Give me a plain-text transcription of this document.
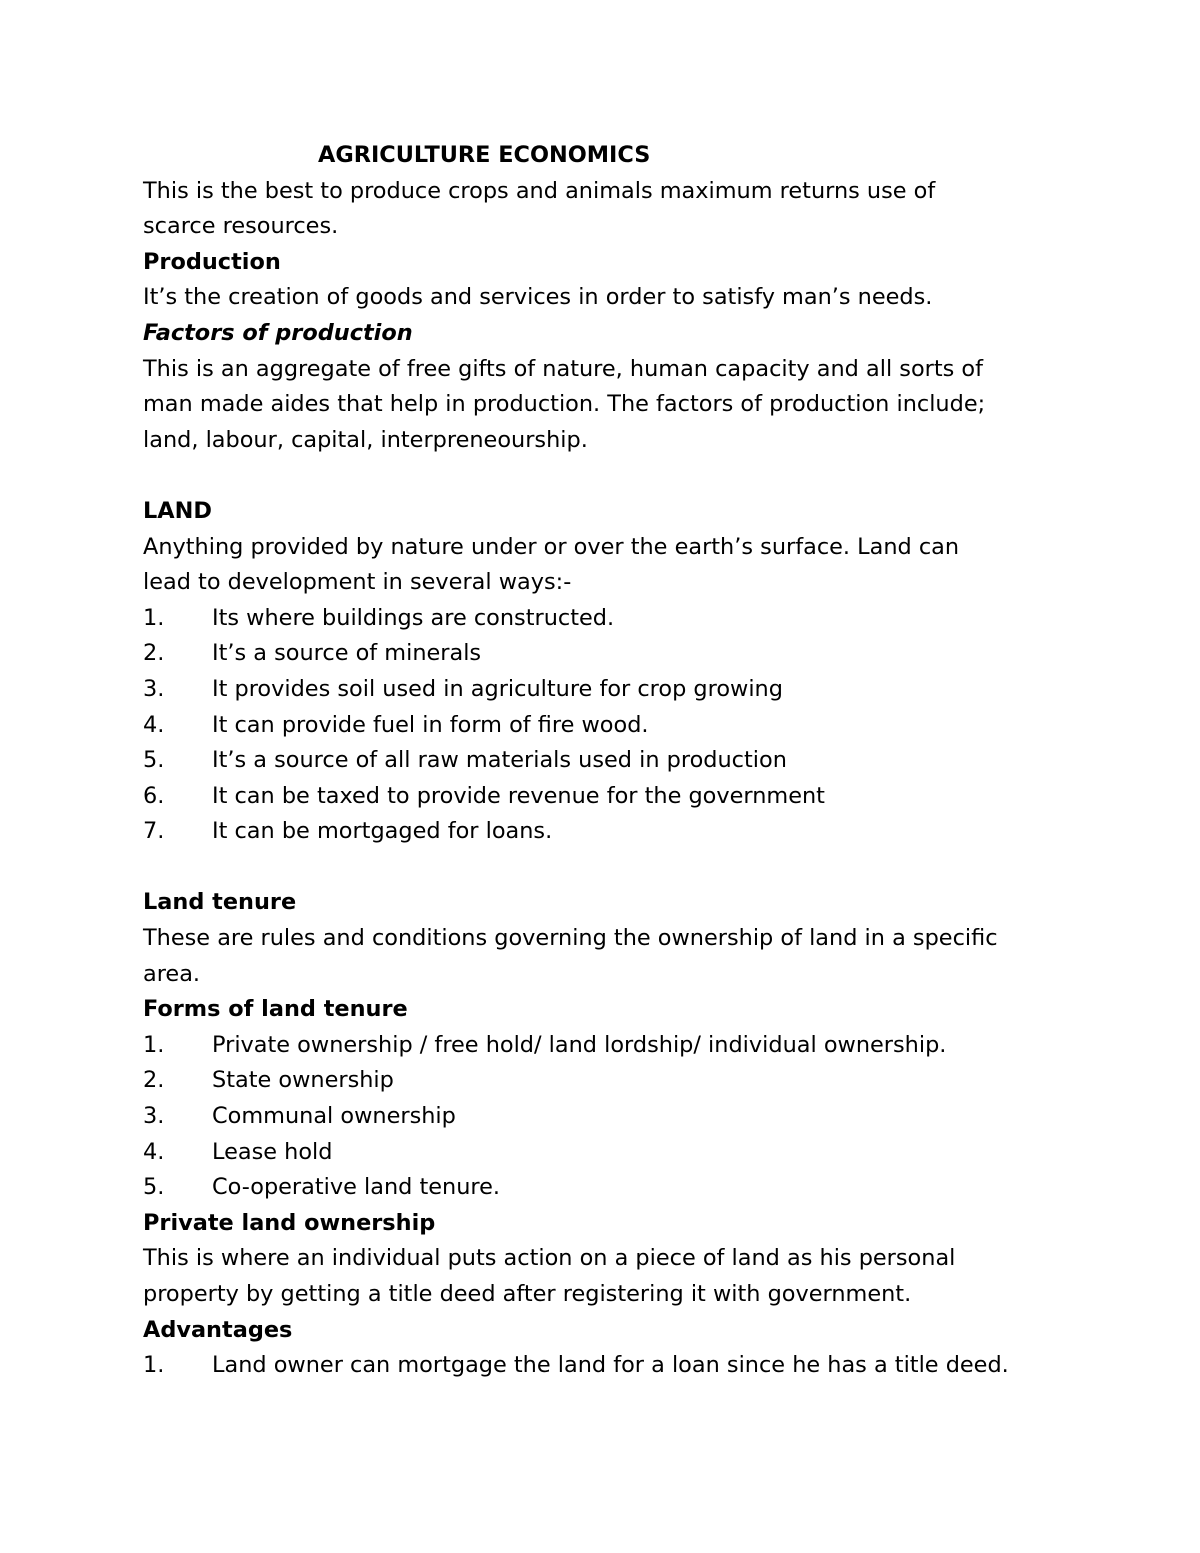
AGRICULTURE ECONOMICS
This is the best to produce crops and animals maximum returns use of
scarce resources.
Production
It’s the creation of goods and services in order to satisfy man’s needs.
Factors of production
This is an aggregate of free gifts of nature, human capacity and all sorts of
man made aides that help in production. The factors of production include;
land, labour, capital, interpreneourship.
LAND
Anything provided by nature under or over the earth’s surface. Land can
lead to development in several ways:-
1.	Its where buildings are constructed.
2.	It’s a source of minerals
3.	It provides soil used in agriculture for crop growing
4.	It can provide fuel in form of fire wood.
5.	It’s a source of all raw materials used in production
6.	It can be taxed to provide revenue for the government
7.	It can be mortgaged for loans.
Land tenure
These are rules and conditions governing the ownership of land in a specific
area.
Forms of land tenure
1.	Private ownership / free hold/ land lordship/ individual ownership.
2.	State ownership
3.	Communal ownership
4.	Lease hold
5.	Co-operative land tenure.
Private land ownership
This is where an individual puts action on a piece of land as his personal
property by getting a title deed after registering it with government.
Advantages
1.	Land owner can mortgage the land for a loan since he has a title deed.
